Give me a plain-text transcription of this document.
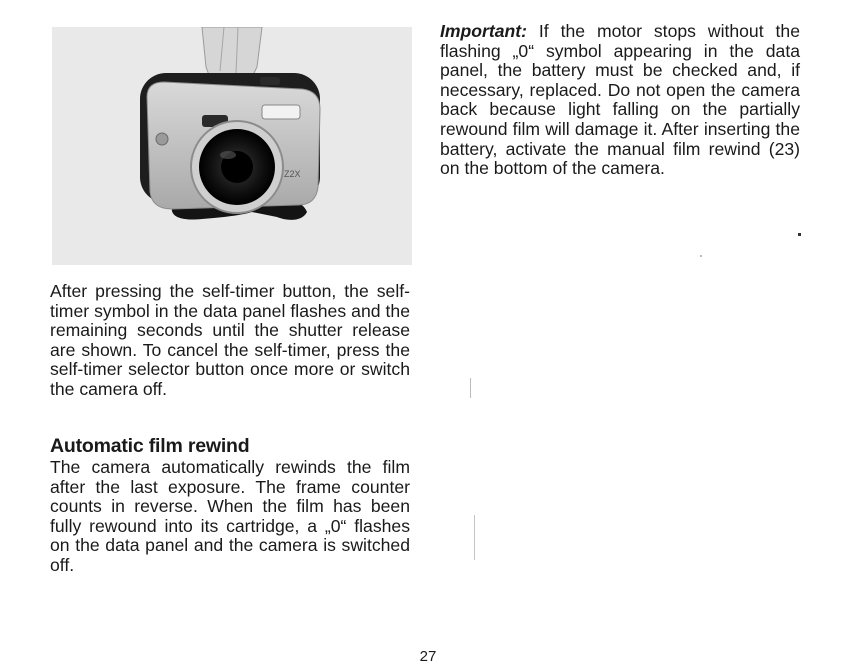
Z2X

After pressing the self-timer button, the self-timer symbol in the data panel flashes and the remaining seconds until the shutter release are shown. To cancel the self-timer, press the self-timer selector button once more or switch the camera off.

Automatic film rewind

The camera automatically rewinds the film after the last exposure. The frame counter counts in reverse. When the film has been fully rewound into its cartridge, a „0“ flashes on the data panel and the camera is switched off.

Important: If the motor stops without the flashing „0“ symbol appearing in the data panel, the battery must be checked and, if necessary, replaced. Do not open the camera back because light falling on the partially rewound film will damage it. After inserting the battery, activate the manual film rewind (23) on the bottom of the camera.

27
